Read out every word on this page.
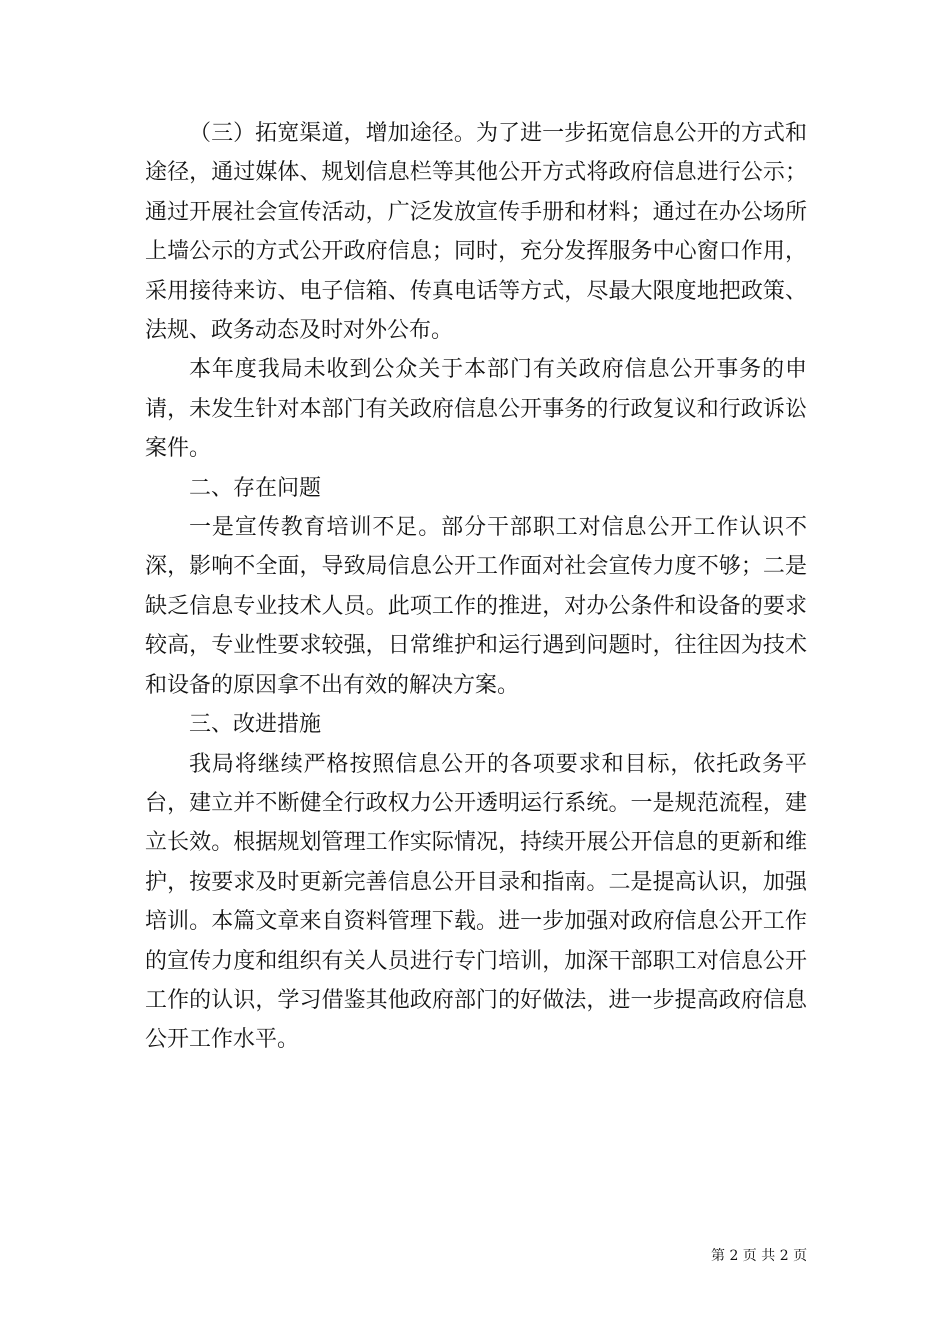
（三）拓宽渠道，增加途径。为了进一步拓宽信息公开的方式和途径，通过媒体、规划信息栏等其他公开方式将政府信息进行公示；通过开展社会宣传活动，广泛发放宣传手册和材料；通过在办公场所上墙公示的方式公开政府信息；同时，充分发挥服务中心窗口作用，采用接待来访、电子信箱、传真电话等方式，尽最大限度地把政策、法规、政务动态及时对外公布。

本年度我局未收到公众关于本部门有关政府信息公开事务的申请，未发生针对本部门有关政府信息公开事务的行政复议和行政诉讼案件。

二、存在问题

一是宣传教育培训不足。部分干部职工对信息公开工作认识不深，影响不全面，导致局信息公开工作面对社会宣传力度不够；二是缺乏信息专业技术人员。此项工作的推进，对办公条件和设备的要求较高，专业性要求较强，日常维护和运行遇到问题时，往往因为技术和设备的原因拿不出有效的解决方案。

三、改进措施

我局将继续严格按照信息公开的各项要求和目标，依托政务平台，建立并不断健全行政权力公开透明运行系统。一是规范流程，建立长效。根据规划管理工作实际情况，持续开展公开信息的更新和维护，按要求及时更新完善信息公开目录和指南。二是提高认识，加强培训。本篇文章来自资料管理下载。进一步加强对政府信息公开工作的宣传力度和组织有关人员进行专门培训，加深干部职工对信息公开工作的认识，学习借鉴其他政府部门的好做法，进一步提高政府信息公开工作水平。

第 2 页 共 2 页
